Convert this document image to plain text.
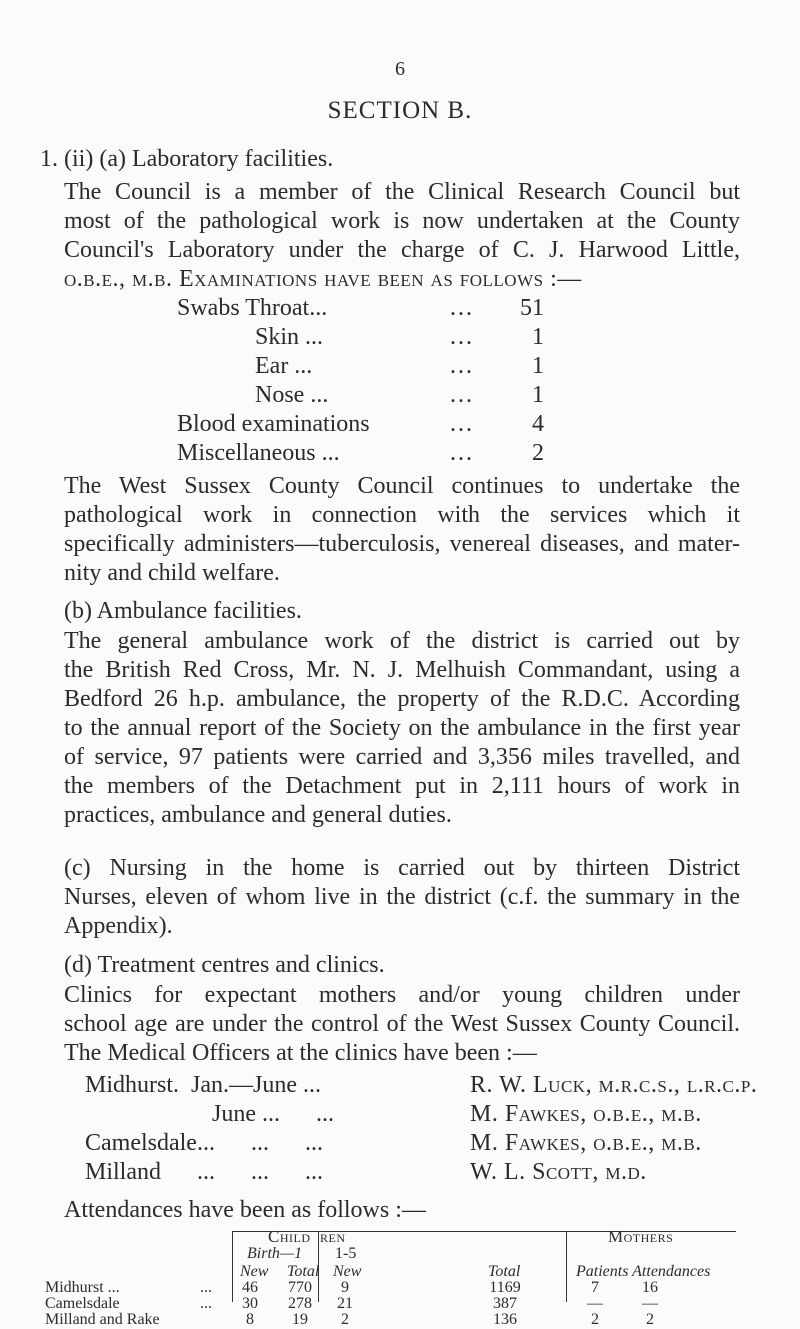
6
SECTION B.
1. (ii) (a) Laboratory facilities.
The Council is a member of the Clinical Research Council but
most of the pathological work is now undertaken at the County
Council's Laboratory under the charge of C. J. Harwood Little,
o.b.e., m.b. Examinations have been as follows :—
Swabs Throat...	... 51
Skin ...	...	1
Ear ...	...	1
Nose ...	...	1
Blood examinations	...	4
Miscellaneous ...	...	2
The West Sussex County Council continues to undertake the
pathological work in connection with the services which it
specifically administers—tuberculosis, venereal diseases, and mater-
nity and child welfare.
(b) Ambulance facilities.
The general ambulance work of the district is carried out by
the British Red Cross, Mr. N. J. Melhuish Commandant, using a
Bedford 26 h.p. ambulance, the property of the R.D.C. According
to the annual report of the Society on the ambulance in the first year
of service, 97 patients were carried and 3,356 miles travelled, and
the members of the Detachment put in 2,111 hours of work in
practices, ambulance and general duties.
(c) Nursing in the home is carried out by thirteen District
Nurses, eleven of whom live in the district (c.f. the summary in the
Appendix).
(d) Treatment centres and clinics.
Clinics for expectant mothers and/or young children under
school age are under the control of the West Sussex County Council.
The Medical Officers at the clinics have been :—
Midhurst.  Jan.—June ...	R. W. Luck, m.r.c.s., l.r.c.p.
June ...      ...	M. Fawkes, o.b.e., m.b.
Camelsdale...      ...      ...	M. Fawkes, o.b.e., m.b.
Milland      ...      ...      ...	W. L. Scott, m.d.
Attendances have been as follows :—
Child ren	Mothers
Birth—1 1-5
New Total New	Total	Patients Attendances
Midhurst ...	...	46	770	9	1169	7	16
Camelsdale	...	30	278	21	387	—	—
Milland and Rake	8	19	2	136	2	2
